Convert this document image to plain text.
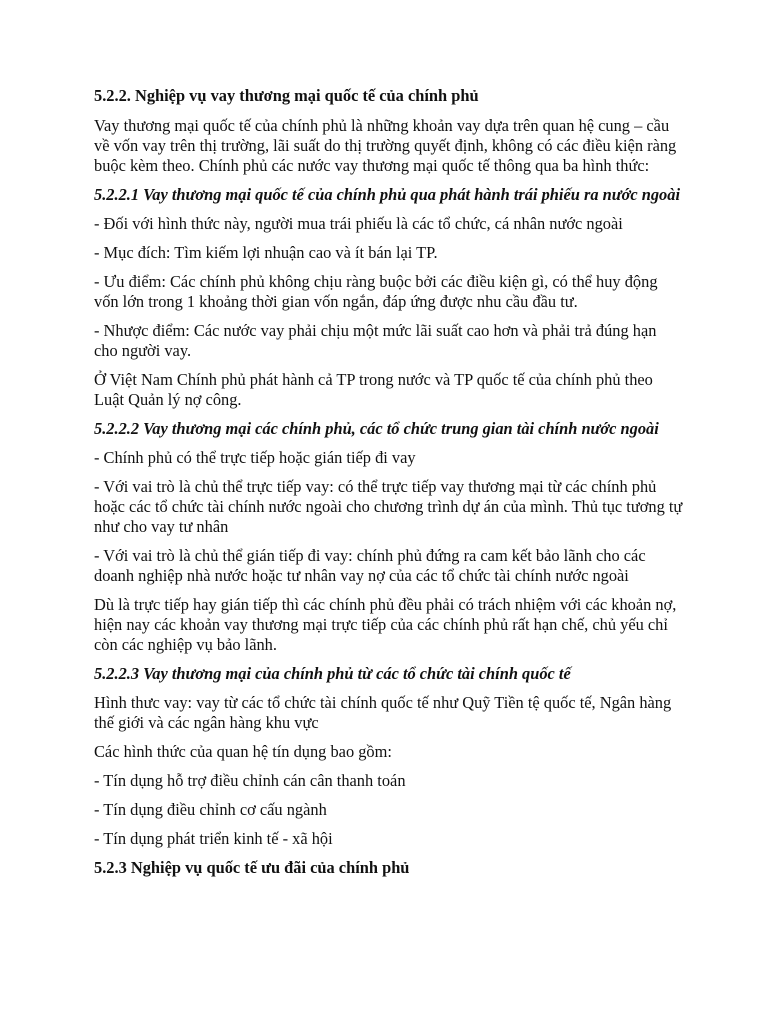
5.2.2. Nghiệp vụ vay thương mại quốc tế của chính phủ

Vay thương mại quốc tế của chính phủ là những khoản vay dựa trên quan hệ cung – cầu về vốn vay trên thị trường, lãi suất do thị trường quyết định, không có các điều kiện ràng buộc kèm theo. Chính phủ các nước vay thương mại quốc tế thông qua ba hình thức:

5.2.2.1 Vay thương mại quốc tế của chính phủ qua phát hành trái phiếu ra nước ngoài

- Đối với hình thức này, người mua trái phiếu là các tổ chức, cá nhân nước ngoài

- Mục đích: Tìm kiếm lợi nhuận cao và ít bán lại TP.

- Ưu điểm: Các chính phủ không chịu ràng buộc bởi các điều kiện gì, có thể huy động vốn lớn trong 1 khoảng thời gian vốn ngắn, đáp ứng được nhu cầu đầu tư.

- Nhược điểm: Các nước vay phải chịu một mức lãi suất cao hơn và phải trả đúng hạn cho người vay.

Ở Việt Nam Chính phủ phát hành cả TP trong nước và TP quốc tế của chính phủ theo Luật Quản lý nợ công.

5.2.2.2 Vay thương mại các chính phủ, các tổ chức trung gian tài chính nước ngoài

- Chính phủ có thể trực tiếp hoặc gián tiếp đi vay

- Với vai trò là chủ thể trực tiếp vay: có thể trực tiếp vay thương mại từ các chính phủ hoặc các tổ chức tài chính nước ngoài cho chương trình dự án của mình. Thủ tục tương tự như cho vay tư nhân

- Với vai trò là chủ thể gián tiếp đi vay: chính phủ đứng ra cam kết bảo lãnh cho các doanh nghiệp nhà nước hoặc tư nhân vay nợ của các tổ chức tài chính nước ngoài

Dù là trực tiếp hay gián tiếp thì các chính phủ đều phải có trách nhiệm với các khoản nợ, hiện nay các khoản vay thương mại trực tiếp của các chính phủ rất hạn chế, chủ yếu chỉ còn các nghiệp vụ bảo lãnh.

5.2.2.3 Vay thương mại của chính phủ từ các tổ chức tài chính quốc tế

Hình thưc vay: vay từ các tổ chức tài chính quốc tế như Quỹ Tiền tệ quốc tế, Ngân hàng thế giới và các ngân hàng khu vực

Các hình thức của quan hệ tín dụng bao gồm:

- Tín dụng hỗ trợ điều chỉnh cán cân thanh toán

- Tín dụng điều chỉnh cơ cấu ngành

- Tín dụng phát triển kinh tế - xã hội

5.2.3 Nghiệp vụ quốc tế ưu đãi của chính phủ
